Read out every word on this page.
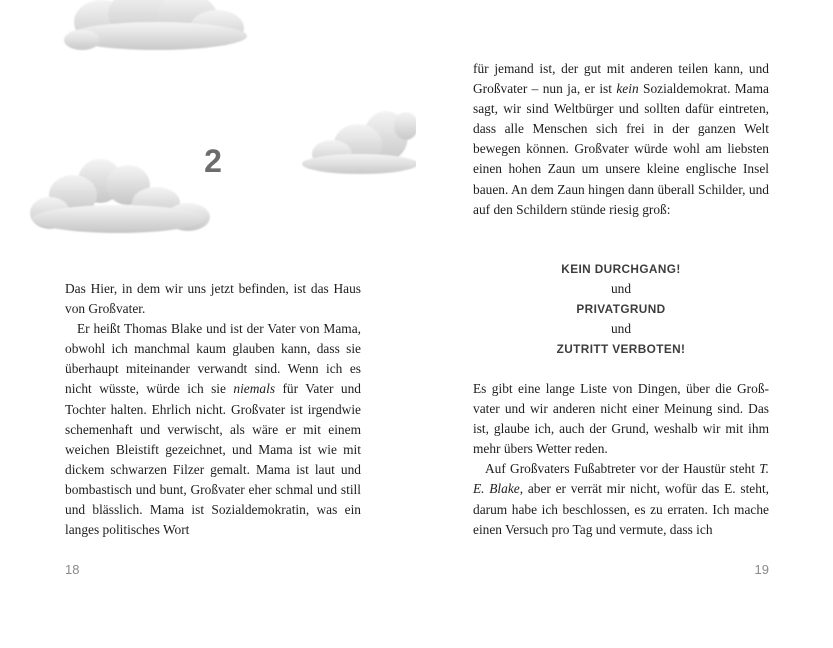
2

Das Hier, in dem wir uns jetzt befinden, ist das Haus von Großvater.

Er heißt Thomas Blake und ist der Vater von Mama, obwohl ich manchmal kaum glauben kann, dass sie überhaupt miteinander verwandt sind. Wenn ich es nicht wüsste, würde ich sie niemals für Vater und Tochter halten. Ehrlich nicht. Großvater ist irgendwie schemenhaft und verwischt, als wäre er mit einem weichen Bleistift gezeichnet, und Mama ist wie mit dickem schwarzen Filzer gemalt. Mama ist laut und bombastisch und bunt, Großvater eher schmal und still und blässlich. Mama ist Sozialdemokratin, was ein langes politisches Wort

18

für jemand ist, der gut mit anderen teilen kann, und Großvater – nun ja, er ist kein Sozialdemokrat. Mama sagt, wir sind Weltbürger und sollten dafür eintreten, dass alle Menschen sich frei in der ganzen Welt bewegen können. Großvater würde wohl am liebsten einen hohen Zaun um unsere kleine englische Insel bauen. An dem Zaun hingen dann überall Schilder, und auf den Schildern stünde riesig groß:

KEIN DURCHGANG!
und
PRIVATGRUND
und
ZUTRITT VERBOTEN!

Es gibt eine lange Liste von Dingen, über die Großvater und wir anderen nicht einer Meinung sind. Das ist, glaube ich, auch der Grund, weshalb wir mit ihm mehr übers Wetter reden.

Auf Großvaters Fußabtreter vor der Haustür steht T. E. Blake, aber er verrät mir nicht, wofür das E. steht, darum habe ich beschlossen, es zu erraten. Ich mache einen Versuch pro Tag und vermute, dass ich

19
